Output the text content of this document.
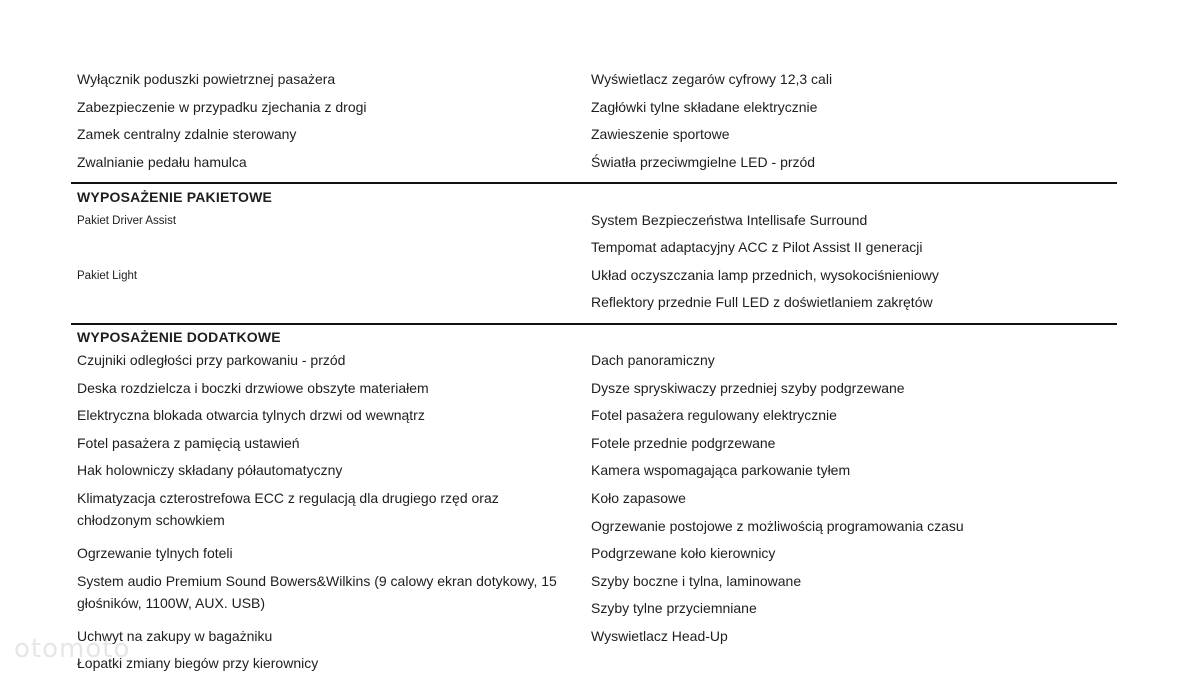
Wyłącznik poduszki powietrznej pasażera
Zabezpieczenie w przypadku zjechania z drogi
Zamek centralny zdalnie sterowany
Zwalnianie pedału hamulca
Wyświetlacz zegarów cyfrowy 12,3 cali
Zagłówki tylne składane elektrycznie
Zawieszenie sportowe
Światła przeciwmgielne LED - przód
WYPOSAŻENIE PAKIETOWE
Pakiet Driver Assist	System Bezpieczeństwa Intellisafe Surround
Tempomat adaptacyjny ACC z Pilot Assist II generacji
Pakiet Light	Układ oczyszczania lamp przednich, wysokociśnieniowy
Reflektory przednie Full LED z doświetlaniem zakrętów
WYPOSAŻENIE DODATKOWE
Czujniki odległości przy parkowaniu - przód
Deska rozdzielcza i boczki drzwiowe obszyte materiałem
Elektryczna blokada otwarcia tylnych drzwi od wewnątrz
Fotel pasażera z pamięcią ustawień
Hak holowniczy składany półautomatyczny
Klimatyzacja czterostrefowa ECC z regulacją dla drugiego rzęd oraz chłodzonym schowkiem
Ogrzewanie tylnych foteli
System audio Premium Sound Bowers&Wilkins (9 calowy ekran dotykowy, 15 głośników, 1100W, AUX. USB)
Uchwyt na zakupy w bagażniku
Łopatki zmiany biegów przy kierownicy
Dach panoramiczny
Dysze spryskiwaczy przedniej szyby podgrzewane
Fotel pasażera regulowany elektrycznie
Fotele przednie podgrzewane
Kamera wspomagająca parkowanie tyłem
Koło zapasowe
Ogrzewanie postojowe z możliwością programowania czasu
Podgrzewane koło kierownicy
Szyby boczne i tylna, laminowane
Szyby tylne przyciemniane
Wyswietlacz Head-Up
otomoto
